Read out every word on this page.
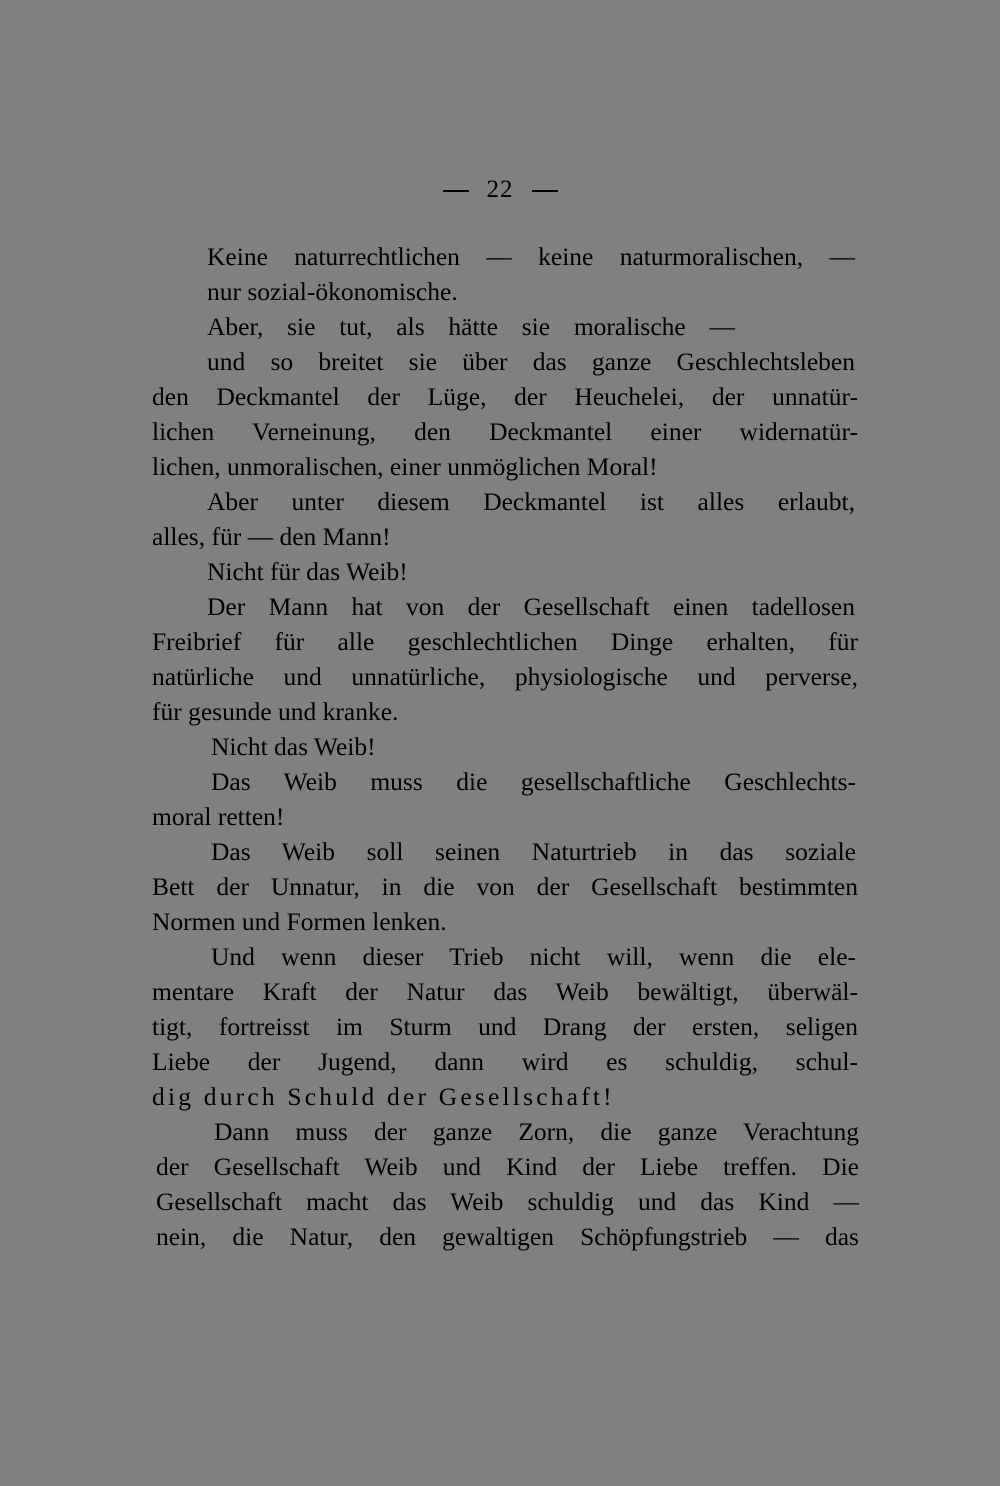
22
Keine naturrechtlichen — keine naturmoralischen, —
nur sozial-ökonomische.
Aber, sie tut, als hätte sie moralische —
und so breitet sie über das ganze Geschlechtsleben
den Deckmantel der Lüge, der Heuchelei, der unnatür-
lichen Verneinung, den Deckmantel einer widernatür-
lichen, unmoralischen, einer unmöglichen Moral!
Aber unter diesem Deckmantel ist alles erlaubt,
alles, für — den Mann!
Nicht für das Weib!
Der Mann hat von der Gesellschaft einen tadellosen
Freibrief für alle geschlechtlichen Dinge erhalten, für
natürliche und unnatürliche, physiologische und perverse,
für gesunde und kranke.
Nicht das Weib!
Das Weib muss die gesellschaftliche Geschlechts-
moral retten!
Das Weib soll seinen Naturtrieb in das soziale
Bett der Unnatur, in die von der Gesellschaft bestimmten
Normen und Formen lenken.
Und wenn dieser Trieb nicht will, wenn die ele-
mentare Kraft der Natur das Weib bewältigt, überwäl-
tigt, fortreisst im Sturm und Drang der ersten, seligen
Liebe der Jugend, dann wird es schuldig, schul-
dig durch Schuld der Gesellschaft!
Dann muss der ganze Zorn, die ganze Verachtung
der Gesellschaft Weib und Kind der Liebe treffen. Die
Gesellschaft macht das Weib schuldig und das Kind —
nein, die Natur, den gewaltigen Schöpfungstrieb — das
